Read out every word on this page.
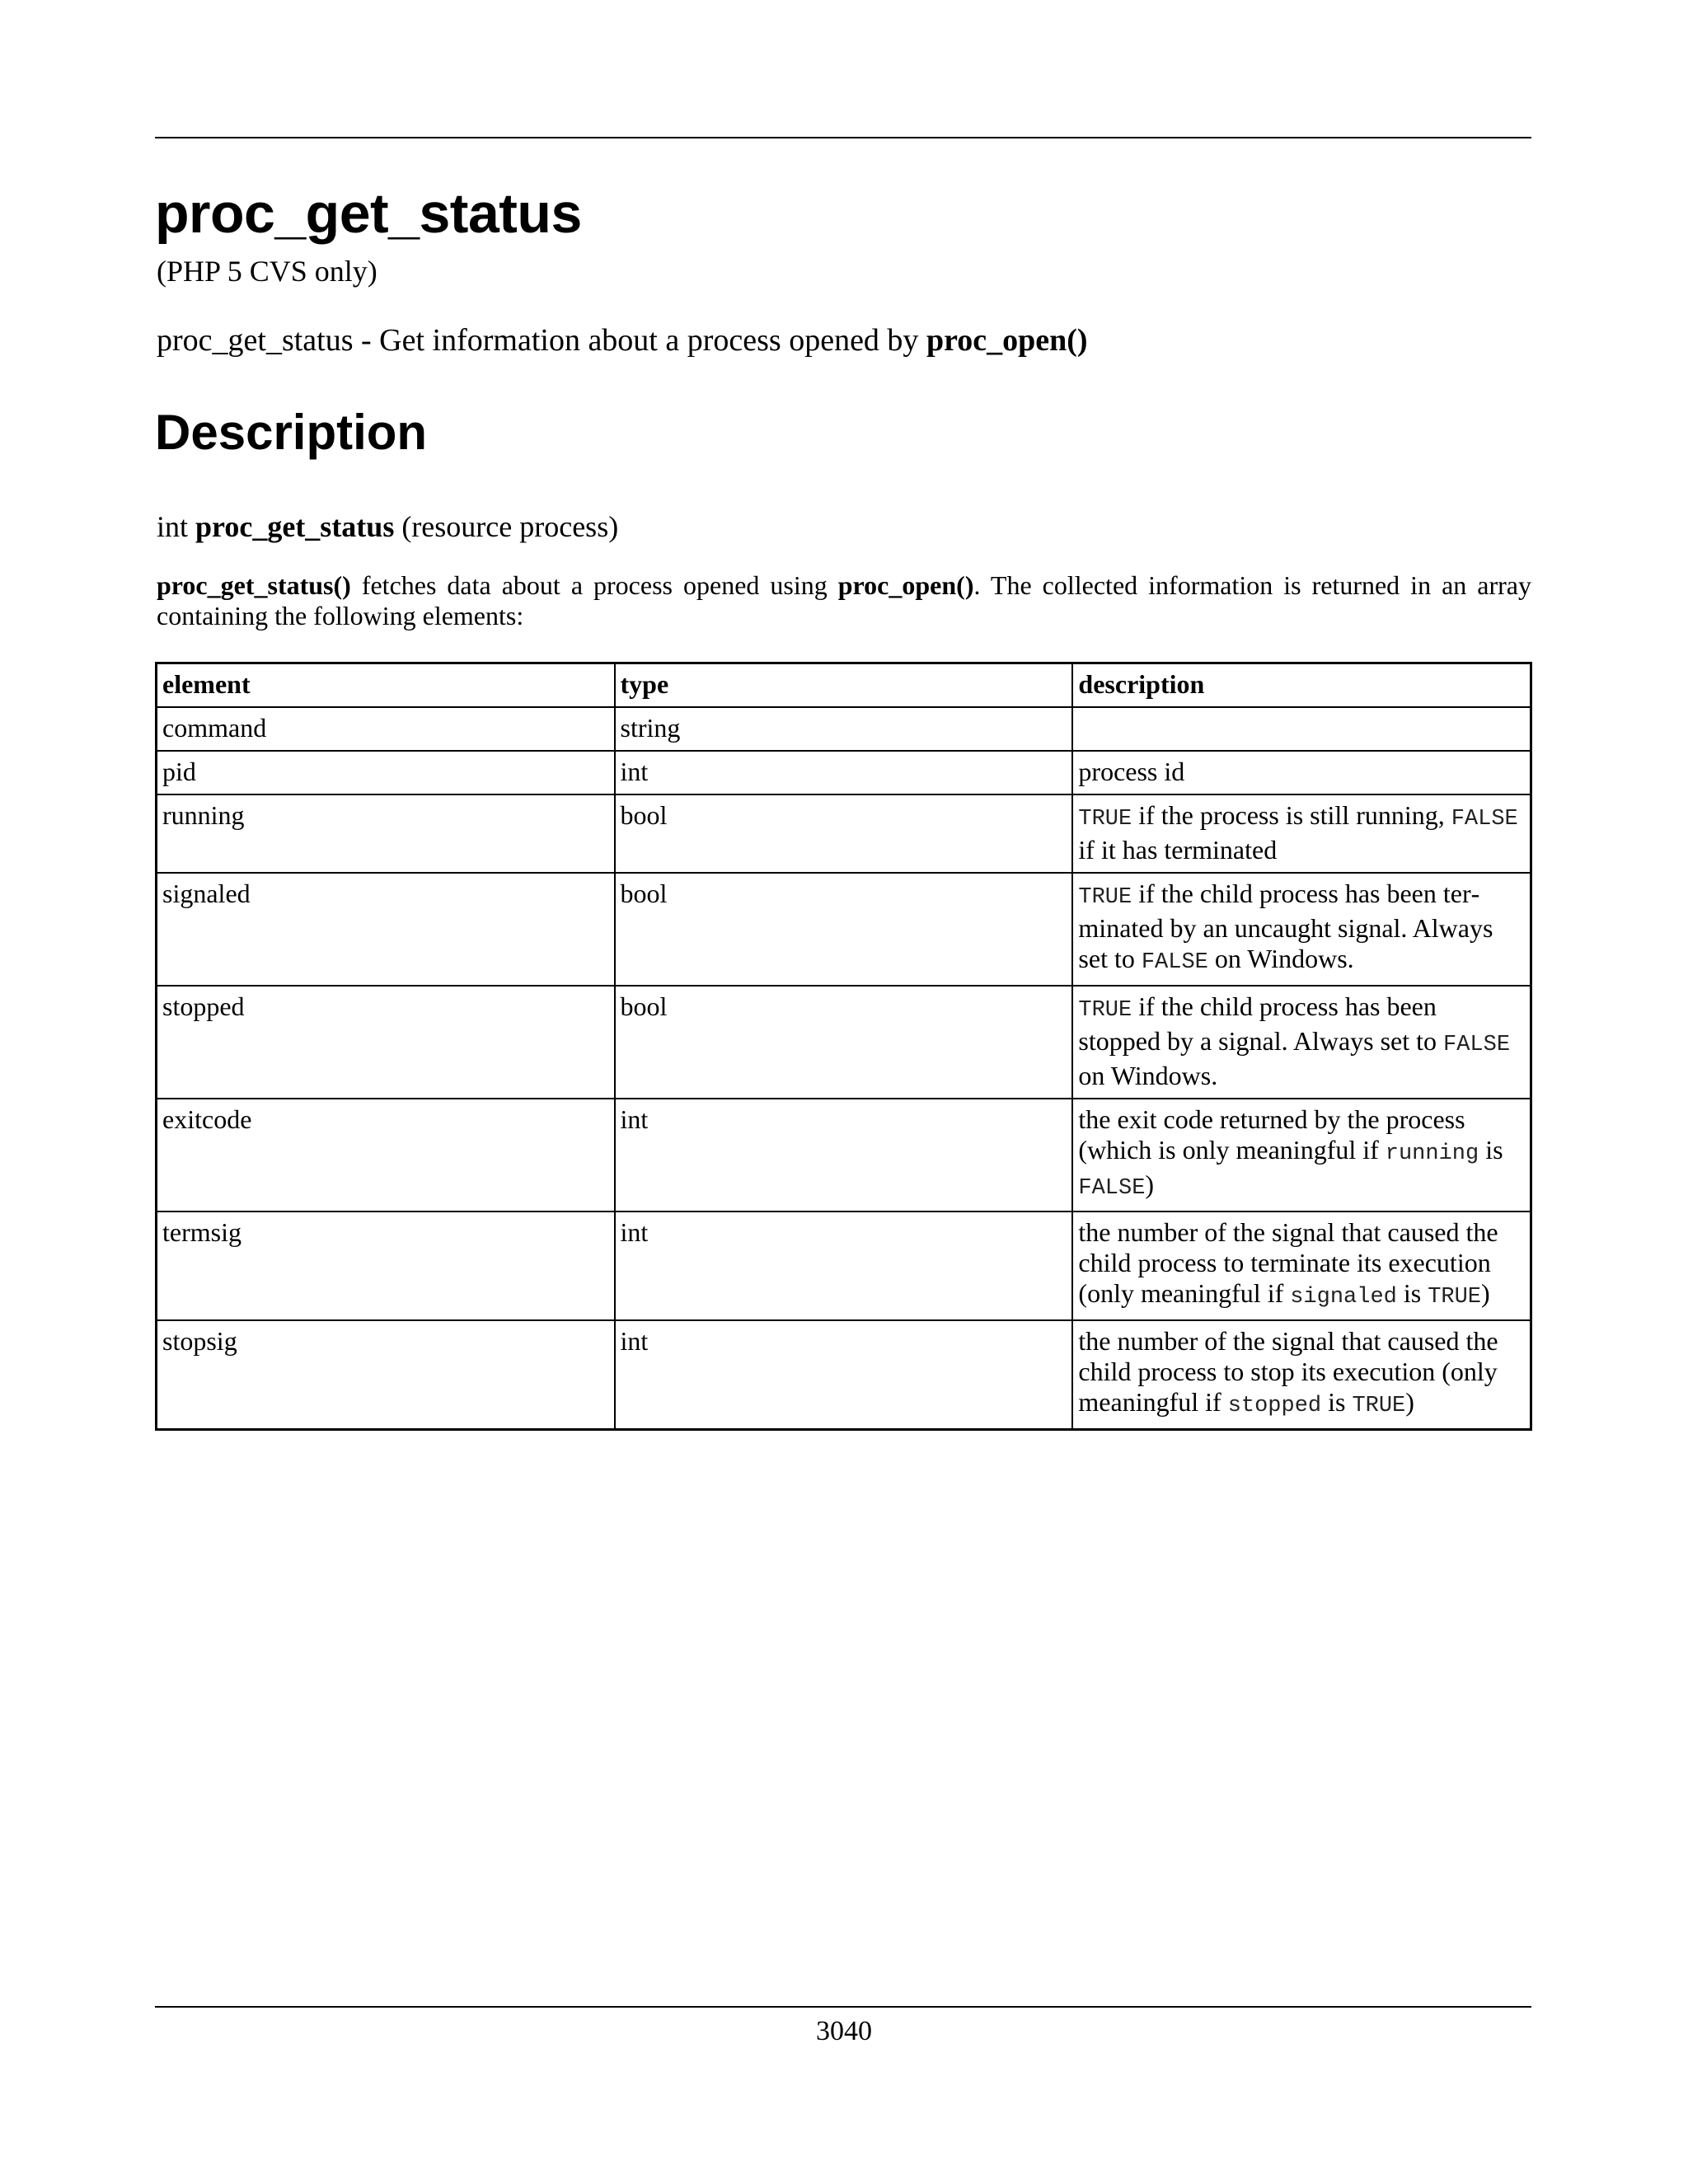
proc_get_status
(PHP 5 CVS only)
proc_get_status - Get information about a process opened by proc_open()
Description
int proc_get_status (resource process)
proc_get_status() fetches data about a process opened using proc_open(). The collected information is returned in an array containing the following elements:
element	type	description
command	string	
pid	int	process id
running	bool	TRUE if the process is still running, FALSE if it has terminated
signaled	bool	TRUE if the child process has been terminated by an uncaught signal. Always set to FALSE on Windows.
stopped	bool	TRUE if the child process has been stopped by a signal. Always set to FALSE on Windows.
exitcode	int	the exit code returned by the process (which is only meaningful if running is FALSE)
termsig	int	the number of the signal that caused the child process to terminate its execution (only meaningful if signaled is TRUE)
stopsig	int	the number of the signal that caused the child process to stop its execution (only meaningful if stopped is TRUE)
3040
